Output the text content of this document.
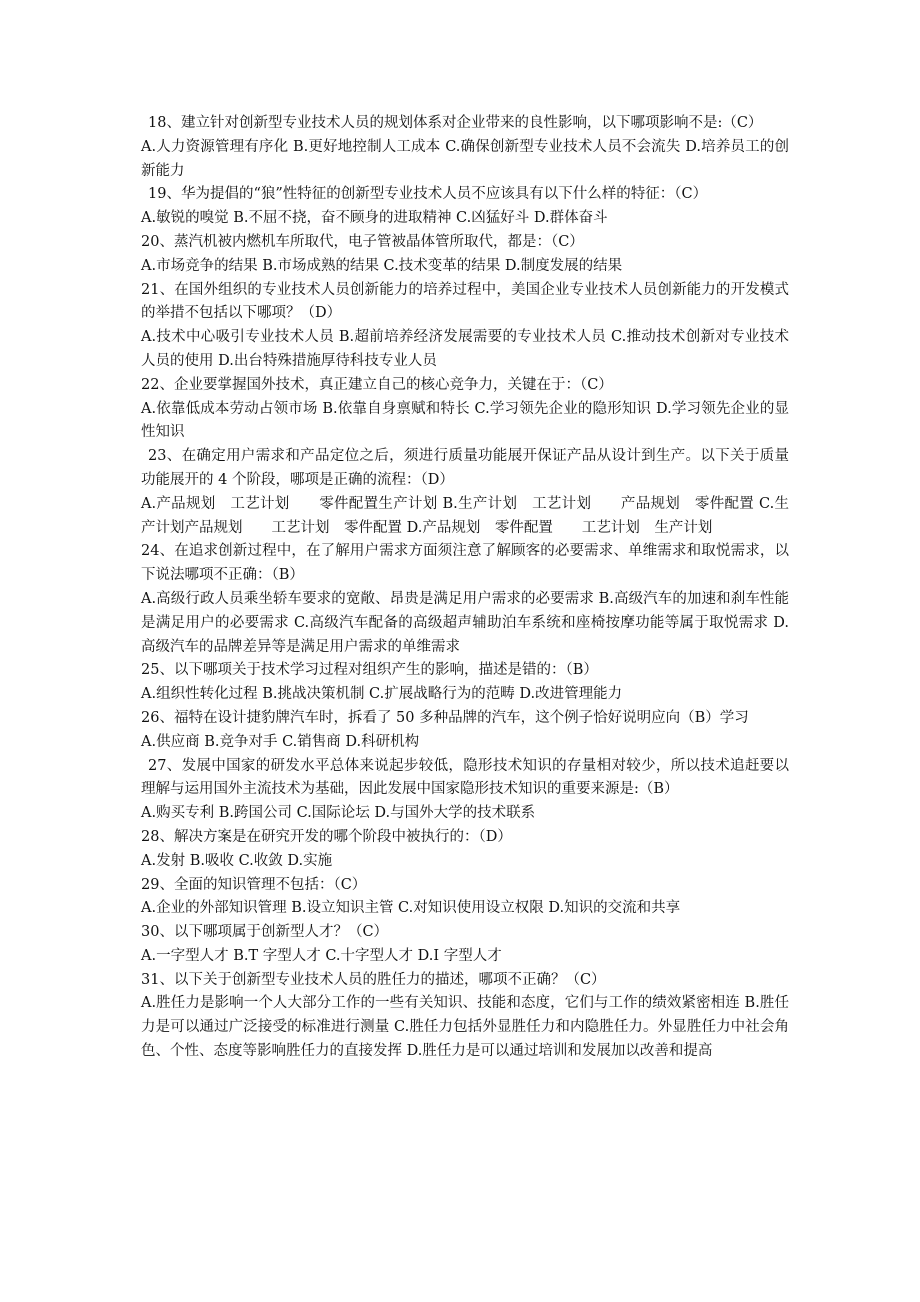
18、建立针对创新型专业技术人员的规划体系对企业带来的良性影响，以下哪项影响不是:（C）

A.人力资源管理有序化 B.更好地控制人工成本 C.确保创新型专业技术人员不会流失 D.培养员工的创新能力

19、华为提倡的“狼”性特征的创新型专业技术人员不应该具有以下什么样的特征：（C）

A.敏锐的嗅觉 B.不屈不挠，奋不顾身的进取精神 C.凶猛好斗 D.群体奋斗

20、蒸汽机被内燃机车所取代，电子管被晶体管所取代，都是：（C）

A.市场竞争的结果 B.市场成熟的结果 C.技术变革的结果 D.制度发展的结果

21、在国外组织的专业技术人员创新能力的培养过程中，美国企业专业技术人员创新能力的开发模式的举措不包括以下哪项？（D）

A.技术中心吸引专业技术人员 B.超前培养经济发展需要的专业技术人员 C.推动技术创新对专业技术人员的使用 D.出台特殊措施厚待科技专业人员

22、企业要掌握国外技术，真正建立自己的核心竞争力，关键在于：（C）

A.依靠低成本劳动占领市场 B.依靠自身禀赋和特长 C.学习领先企业的隐形知识 D.学习领先企业的显性知识

23、在确定用户需求和产品定位之后，须进行质量功能展开保证产品从设计到生产。以下关于质量功能展开的 4 个阶段，哪项是正确的流程：（D）

A.产品规划　工艺计划　　零件配置生产计划 B.生产计划　工艺计划　　产品规划　零件配置 C.生产计划产品规划　　工艺计划　零件配置 D.产品规划　零件配置　　工艺计划　生产计划

24、在追求创新过程中，在了解用户需求方面须注意了解顾客的必要需求、单维需求和取悦需求，以下说法哪项不正确：（B）

A.高级行政人员乘坐轿车要求的宽敞、昂贵是满足用户需求的必要需求 B.高级汽车的加速和刹车性能是满足用户的必要需求 C.高级汽车配备的高级超声辅助泊车系统和座椅按摩功能等属于取悦需求 D.高级汽车的品牌差异等是满足用户需求的单维需求

25、以下哪项关于技术学习过程对组织产生的影响，描述是错的：（B）

A.组织性转化过程 B.挑战决策机制 C.扩展战略行为的范畴 D.改进管理能力

26、福特在设计捷豹牌汽车时，拆看了 50 多种品牌的汽车，这个例子恰好说明应向（B）学习

A.供应商 B.竞争对手 C.销售商 D.科研机构

27、发展中国家的研发水平总体来说起步较低，隐形技术知识的存量相对较少，所以技术追赶要以理解与运用国外主流技术为基础，因此发展中国家隐形技术知识的重要来源是:（B）

A.购买专利 B.跨国公司 C.国际论坛 D.与国外大学的技术联系

28、解决方案是在研究开发的哪个阶段中被执行的：（D）

A.发射 B.吸收 C.收敛 D.实施

29、全面的知识管理不包括：（C）

A.企业的外部知识管理 B.设立知识主管 C.对知识使用设立权限 D.知识的交流和共享

30、以下哪项属于创新型人才？（C）

A.一字型人才 B.T 字型人才 C.十字型人才 D.I 字型人才

31、以下关于创新型专业技术人员的胜任力的描述，哪项不正确？（C）

A.胜任力是影响一个人大部分工作的一些有关知识、技能和态度，它们与工作的绩效紧密相连 B.胜任力是可以通过广泛接受的标准进行测量 C.胜任力包括外显胜任力和内隐胜任力。外显胜任力中社会角色、个性、态度等影响胜任力的直接发挥 D.胜任力是可以通过培训和发展加以改善和提高
